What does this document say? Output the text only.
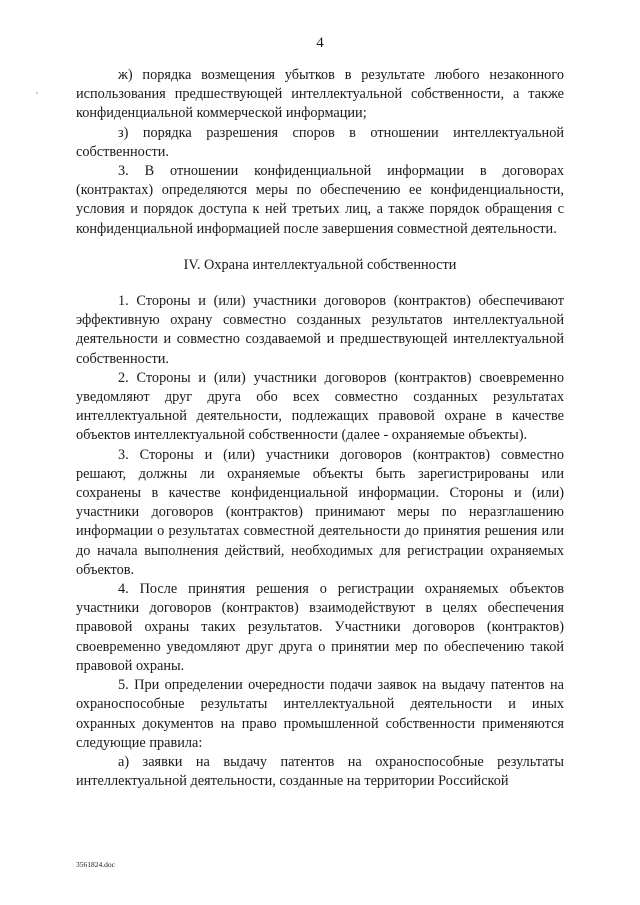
4

ж) порядка возмещения убытков в результате любого незаконного использования предшествующей интеллектуальной собственности, а также конфиденциальной коммерческой информации;

з) порядка разрешения споров в отношении интеллектуальной собственности.

3. В отношении конфиденциальной информации в договорах (контрактах) определяются меры по обеспечению ее конфиденциальности, условия и порядок доступа к ней третьих лиц, а также порядок обращения с конфиденциальной информацией после завершения совместной деятельности.

IV. Охрана интеллектуальной собственности

1. Стороны и (или) участники договоров (контрактов) обеспечивают эффективную охрану совместно созданных результатов интеллектуальной деятельности и совместно создаваемой и предшествующей интеллектуальной собственности.

2. Стороны и (или) участники договоров (контрактов) своевременно уведомляют друг друга обо всех совместно созданных результатах интеллектуальной деятельности, подлежащих правовой охране в качестве объектов интеллектуальной собственности (далее - охраняемые объекты).

3. Стороны и (или) участники договоров (контрактов) совместно решают, должны ли охраняемые объекты быть зарегистрированы или сохранены в качестве конфиденциальной информации. Стороны и (или) участники договоров (контрактов) принимают меры по неразглашению информации о результатах совместной деятельности до принятия решения или до начала выполнения действий, необходимых для регистрации охраняемых объектов.

4. После принятия решения о регистрации охраняемых объектов участники договоров (контрактов) взаимодействуют в целях обеспечения правовой охраны таких результатов. Участники договоров (контрактов) своевременно уведомляют друг друга о принятии мер по обеспечению такой правовой охраны.

5. При определении очередности подачи заявок на выдачу патентов на охраноспособные результаты интеллектуальной деятельности и иных охранных документов на право промышленной собственности применяются следующие правила:

а) заявки на выдачу патентов на охраноспособные результаты интеллектуальной деятельности, созданные на территории Российской

3561824.doc
